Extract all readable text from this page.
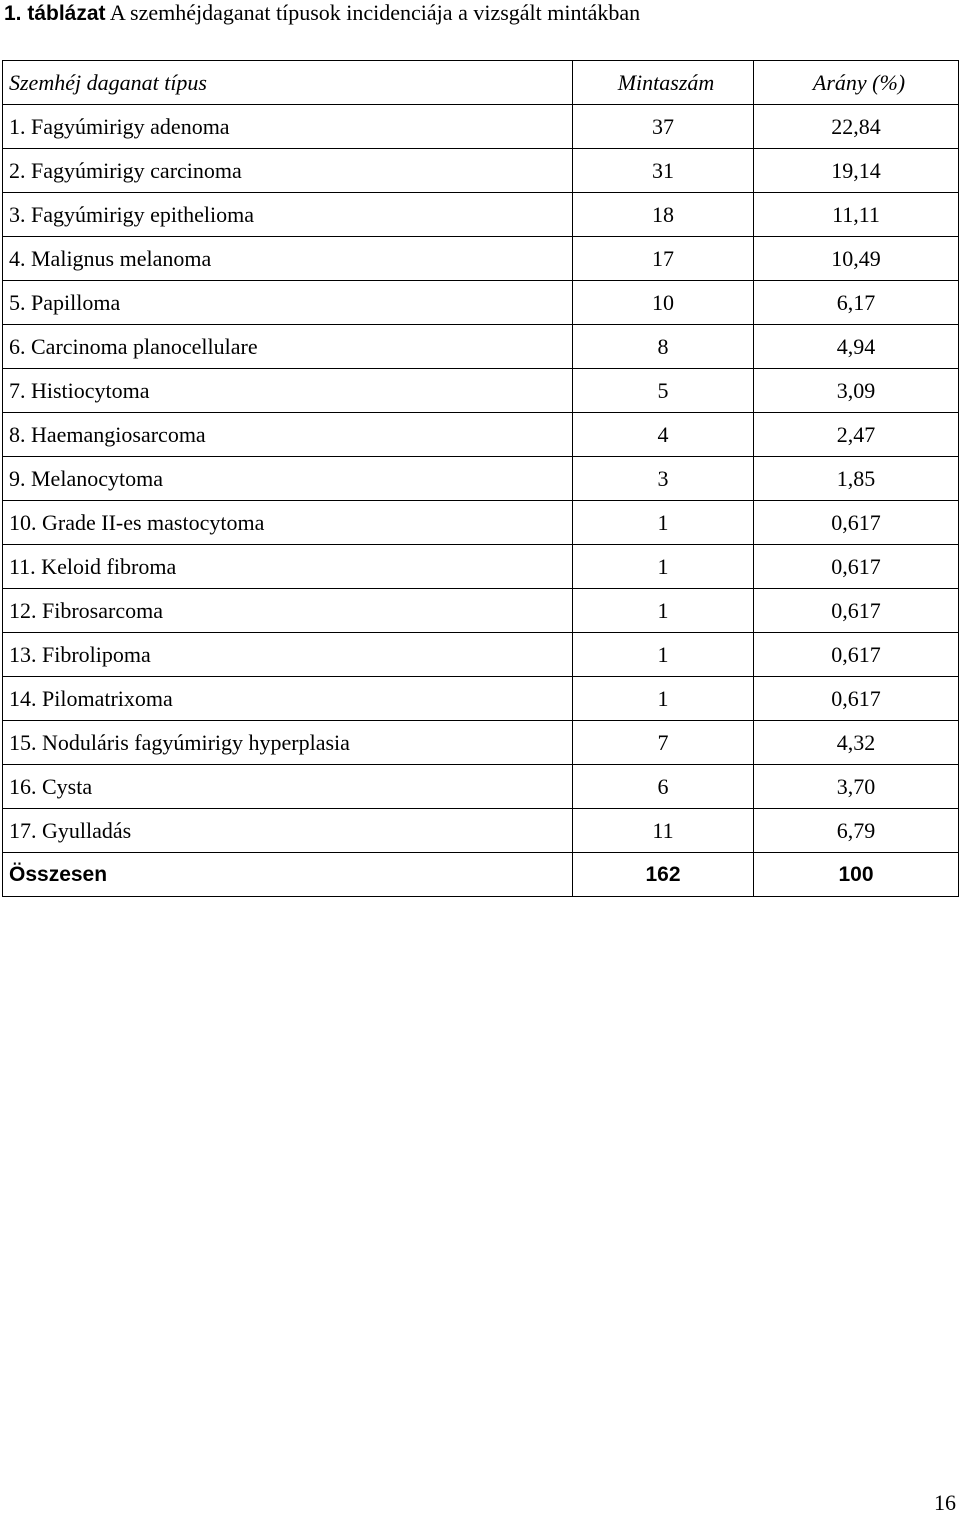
1. táblázat A szemhéjdaganat típusok incidenciája a vizsgált mintákban
Szemhéj daganat típus	Mintaszám	Arány (%)
1. Fagyúmirigy adenoma	37	22,84
2. Fagyúmirigy carcinoma	31	19,14
3. Fagyúmirigy epithelioma	18	11,11
4. Malignus melanoma	17	10,49
5. Papilloma	10	6,17
6. Carcinoma planocellulare	8	4,94
7. Histiocytoma	5	3,09
8. Haemangiosarcoma	4	2,47
9. Melanocytoma	3	1,85
10. Grade II-es mastocytoma	1	0,617
11. Keloid fibroma	1	0,617
12. Fibrosarcoma	1	0,617
13. Fibrolipoma	1	0,617
14. Pilomatrixoma	1	0,617
15. Noduláris fagyúmirigy hyperplasia	7	4,32
16. Cysta	6	3,70
17. Gyulladás	11	6,79
Összesen	162	100
16
